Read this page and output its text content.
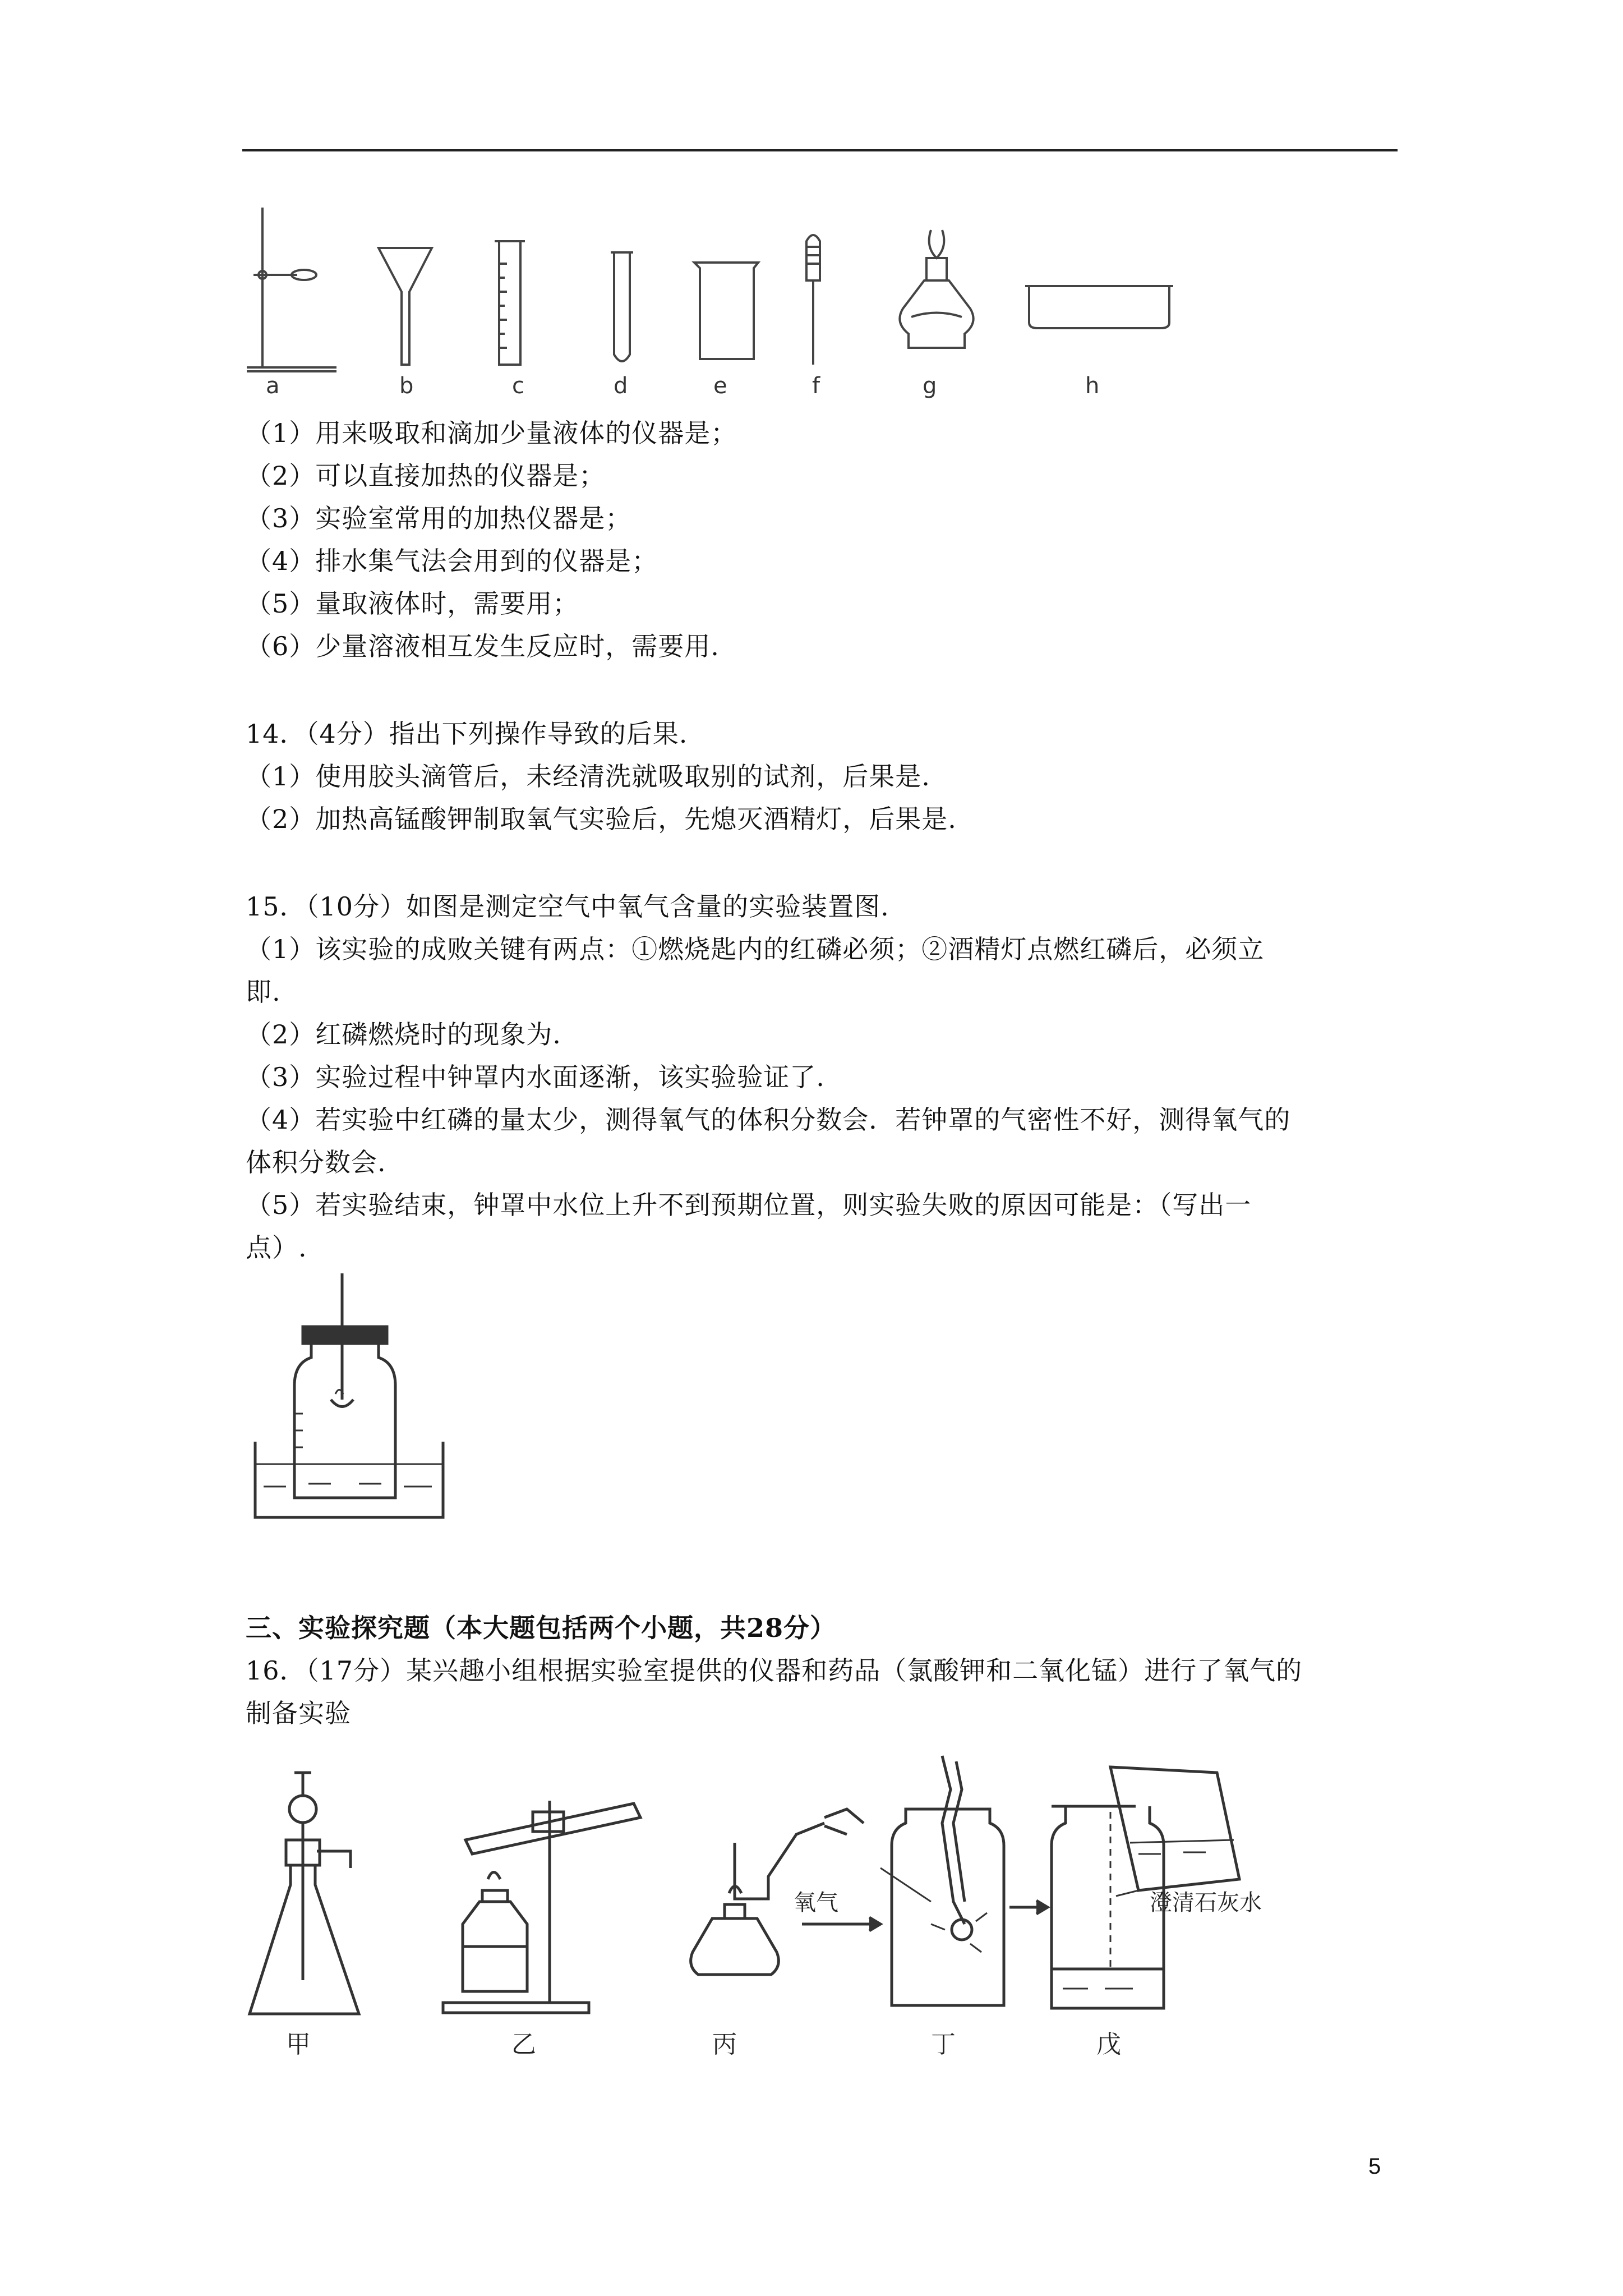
a	b	c	d	e	f	g	h
（1）用来吸取和滴加少量液体的仪器是；
（2）可以直接加热的仪器是；
（3）实验室常用的加热仪器是；
（4）排水集气法会用到的仪器是；
（5）量取液体时，需要用；
（6）少量溶液相互发生反应时，需要用.
14．（4分）指出下列操作导致的后果.
（1）使用胶头滴管后，未经清洗就吸取别的试剂，后果是.
（2）加热高锰酸钾制取氧气实验后，先熄灭酒精灯，后果是.
15．（10分）如图是测定空气中氧气含量的实验装置图.
（1）该实验的成败关键有两点：①燃烧匙内的红磷必须；②酒精灯点燃红磷后，必须立
即.
（2）红磷燃烧时的现象为.
（3）实验过程中钟罩内水面逐渐，该实验验证了.
（4）若实验中红磷的量太少，测得氧气的体积分数会．若钟罩的气密性不好，测得氧气的
体积分数会.
（5）若实验结束，钟罩中水位上升不到预期位置，则实验失败的原因可能是：（写出一
点）.
三、实验探究题（本大题包括两个小题，共28分）
16．（17分）某兴趣小组根据实验室提供的仪器和药品（氯酸钾和二氧化锰）进行了氧气的
制备实验
氧气	澄清石灰水
甲	乙	丙	丁	戊
5
